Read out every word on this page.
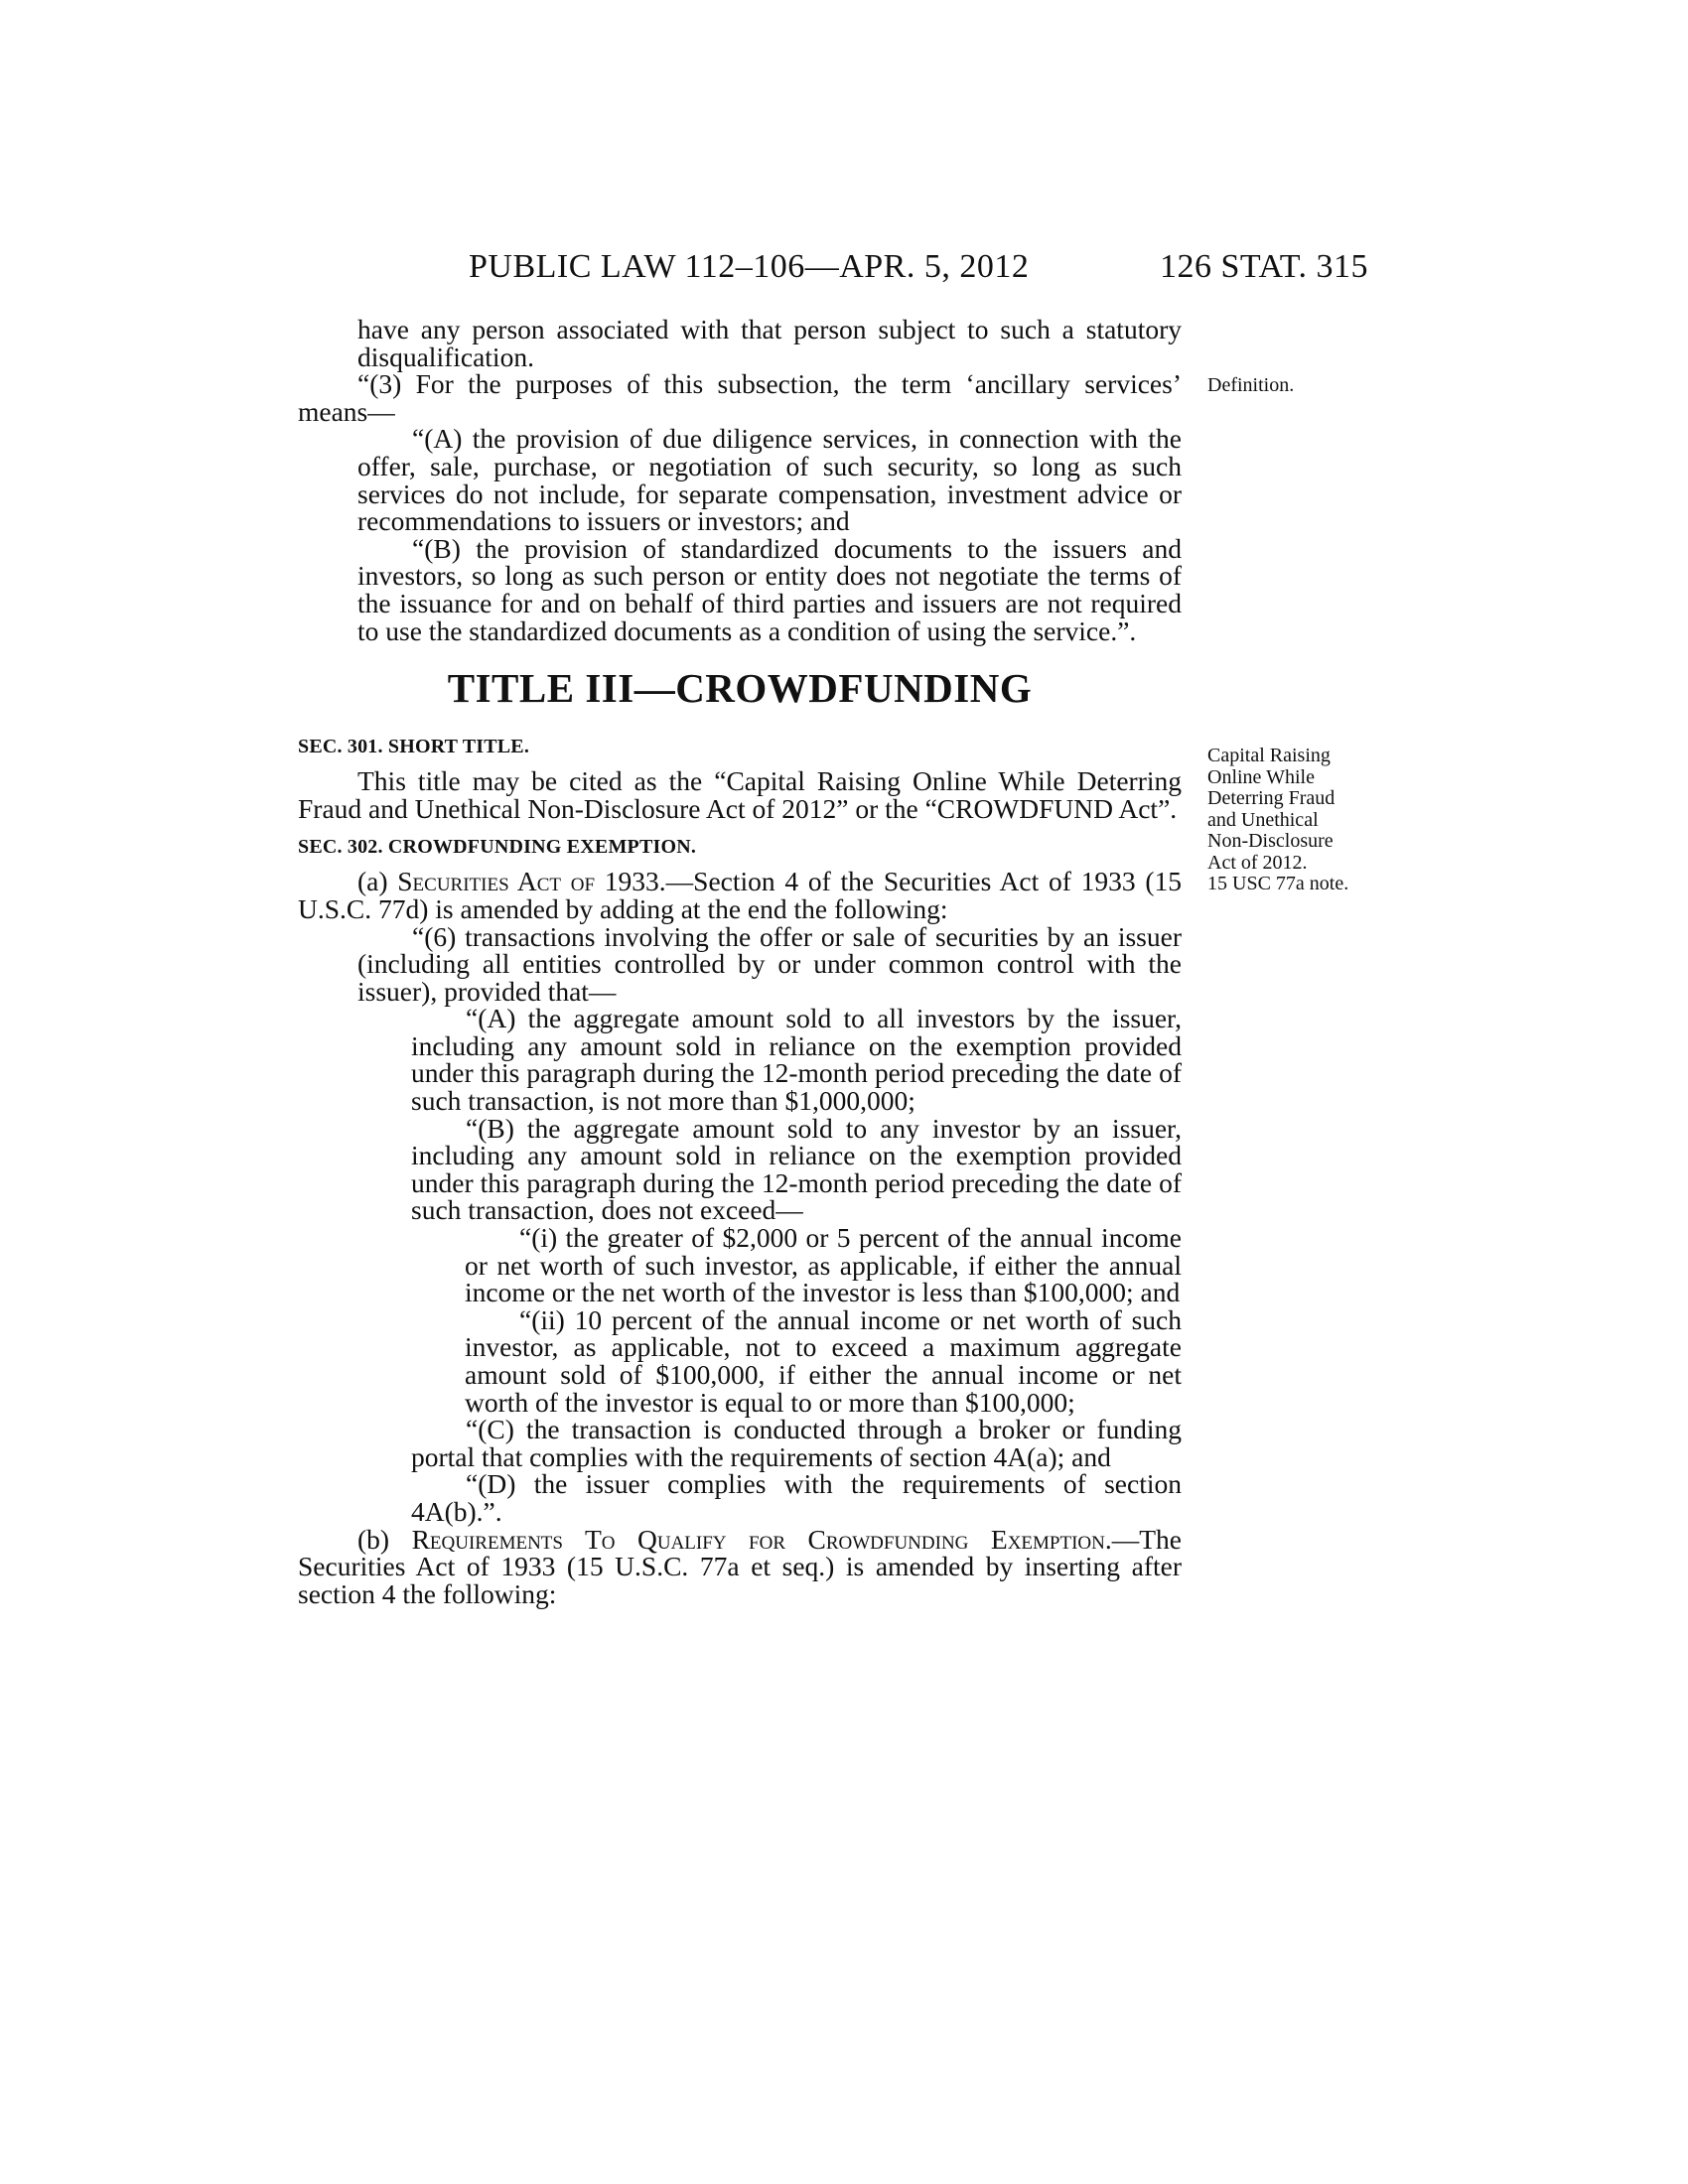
PUBLIC LAW 112–106—APR. 5, 2012	126 STAT. 315
Definition.
Capital Raising
Online While
Deterring Fraud
and Unethical
Non-Disclosure
Act of 2012.
15 USC 77a note.

have any person associated with that person subject to such a statutory disqualification.

“(3) For the purposes of this subsection, the term ‘ancillary services’ means—

“(A) the provision of due diligence services, in connection with the offer, sale, purchase, or negotiation of such security, so long as such services do not include, for separate compensation, investment advice or recommendations to issuers or investors; and

“(B) the provision of standardized documents to the issuers and investors, so long as such person or entity does not negotiate the terms of the issuance for and on behalf of third parties and issuers are not required to use the standardized documents as a condition of using the service.”.

TITLE III—CROWDFUNDING
SEC. 301. SHORT TITLE.

This title may be cited as the “Capital Raising Online While Deterring Fraud and Unethical Non-Disclosure Act of 2012” or the “CROWDFUND Act”.

SEC. 302. CROWDFUNDING EXEMPTION.

(a) Securities Act of 1933.—Section 4 of the Securities Act of 1933 (15 U.S.C. 77d) is amended by adding at the end the following:

“(6) transactions involving the offer or sale of securities by an issuer (including all entities controlled by or under common control with the issuer), provided that—

“(A) the aggregate amount sold to all investors by the issuer, including any amount sold in reliance on the exemption provided under this paragraph during the 12-month period preceding the date of such transaction, is not more than $1,000,000;

“(B) the aggregate amount sold to any investor by an issuer, including any amount sold in reliance on the exemption provided under this paragraph during the 12-month period preceding the date of such transaction, does not exceed—

“(i) the greater of $2,000 or 5 percent of the annual income or net worth of such investor, as applicable, if either the annual income or the net worth of the investor is less than $100,000; and

“(ii) 10 percent of the annual income or net worth of such investor, as applicable, not to exceed a maximum aggregate amount sold of $100,000, if either the annual income or net worth of the investor is equal to or more than $100,000;

“(C) the transaction is conducted through a broker or funding portal that complies with the requirements of section 4A(a); and

“(D) the issuer complies with the requirements of section 4A(b).”.

(b) Requirements To Qualify for Crowdfunding Exemption.—The Securities Act of 1933 (15 U.S.C. 77a et seq.) is amended by inserting after section 4 the following:
